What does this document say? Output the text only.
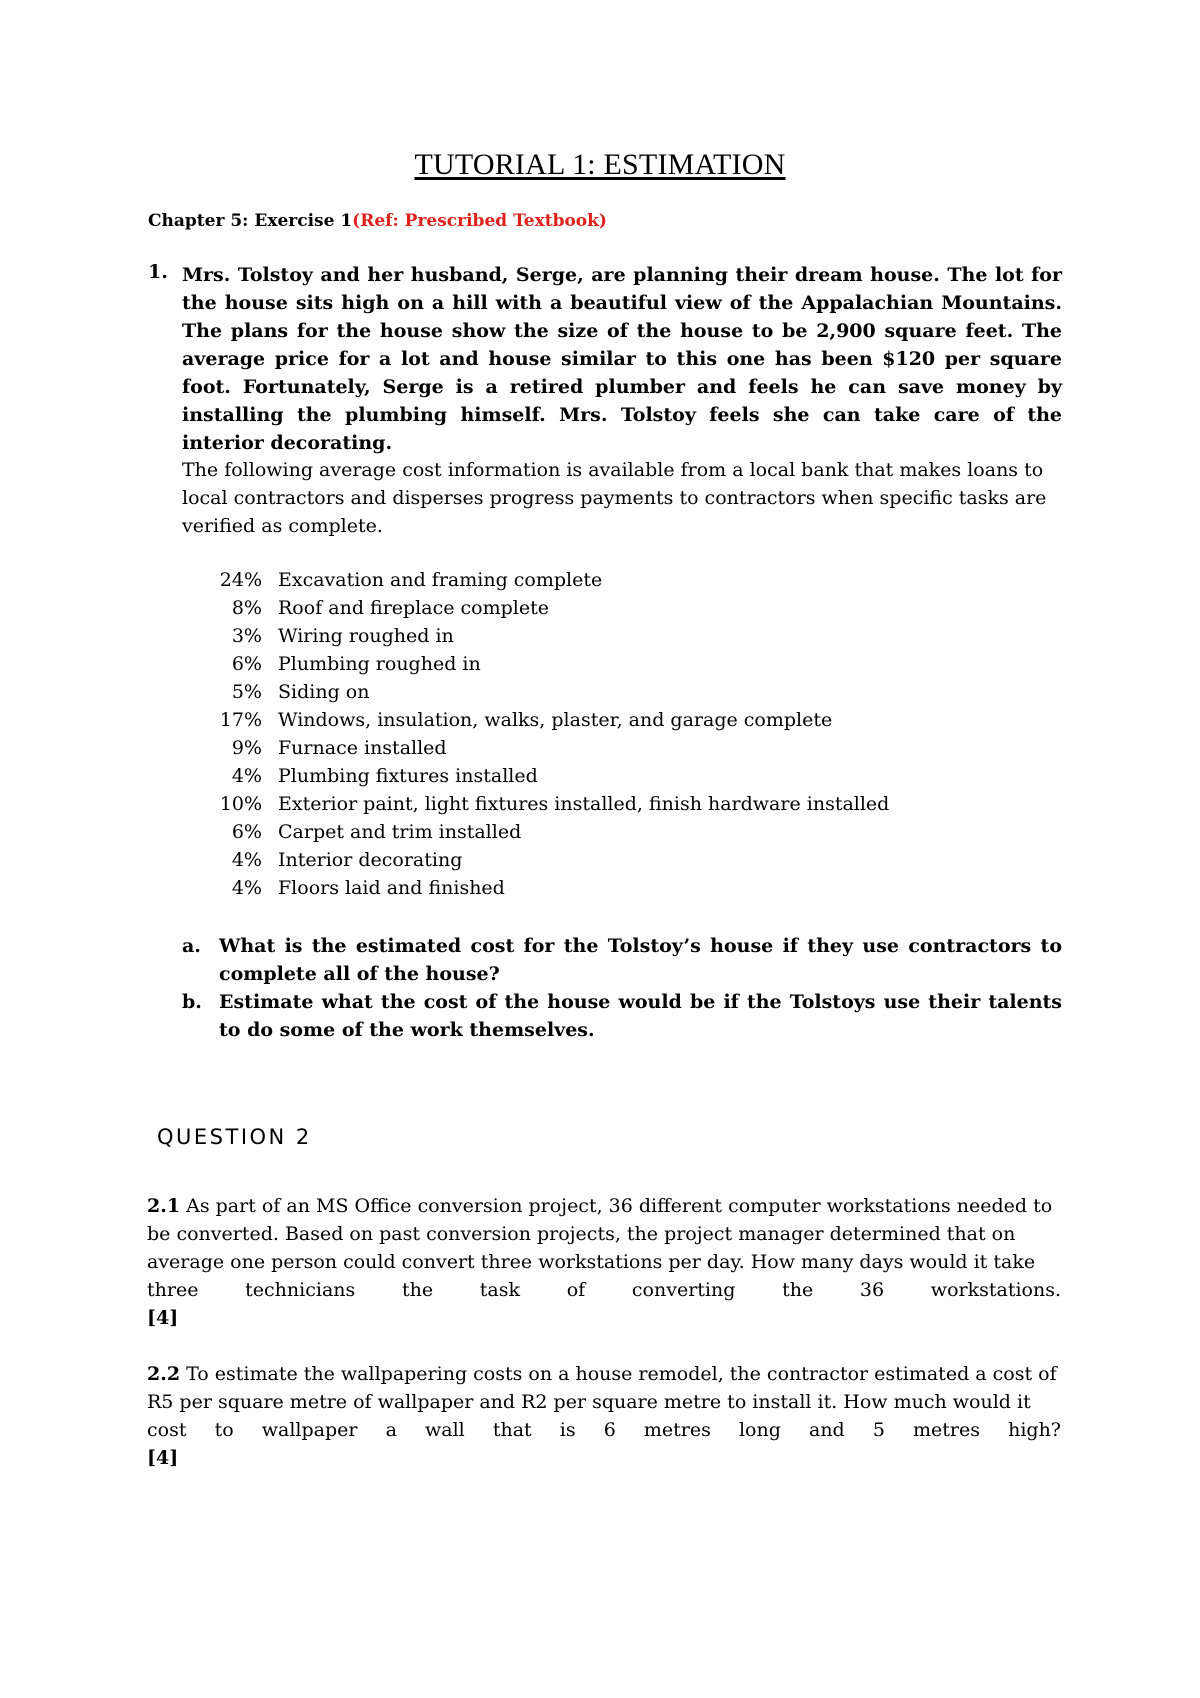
TUTORIAL 1: ESTIMATION
Chapter 5: Exercise 1(Ref: Prescribed Textbook)
1. Mrs. Tolstoy and her husband, Serge, are planning their dream house. The lot for the house sits high on a hill with a beautiful view of the Appalachian Mountains. The plans for the house show the size of the house to be 2,900 square feet. The average price for a lot and house similar to this one has been $120 per square foot. Fortunately, Serge is a retired plumber and feels he can save money by installing the plumbing himself. Mrs. Tolstoy feels she can take care of the interior decorating.
The following average cost information is available from a local bank that makes loans to local contractors and disperses progress payments to contractors when specific tasks are verified as complete.
24% Excavation and framing complete
8% Roof and fireplace complete
3% Wiring roughed in
6% Plumbing roughed in
5% Siding on
17% Windows, insulation, walks, plaster, and garage complete
9% Furnace installed
4% Plumbing fixtures installed
10% Exterior paint, light fixtures installed, finish hardware installed
6% Carpet and trim installed
4% Interior decorating
4% Floors laid and finished
a. What is the estimated cost for the Tolstoy’s house if they use contractors to complete all of the house?
b. Estimate what the cost of the house would be if the Tolstoys use their talents to do some of the work themselves.
QUESTION 2
2.1 As part of an MS Office conversion project, 36 different computer workstations needed to
be converted. Based on past conversion projects, the project manager determined that on
average one person could convert three workstations per day. How many days would it take
three technicians the task of converting the 36 workstations.
[4]
2.2 To estimate the wallpapering costs on a house remodel, the contractor estimated a cost of
R5 per square metre of wallpaper and R2 per square metre to install it. How much would it
cost to wallpaper a wall that is 6 metres long and 5 metres high?
[4]
